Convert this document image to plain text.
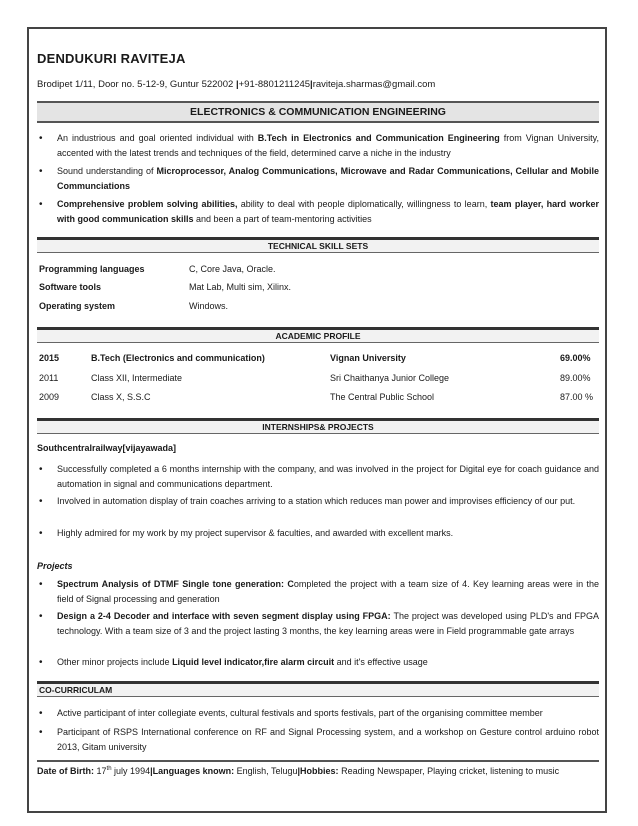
DENDUKURI RAVITEJA
Brodipet 1/11, Door no. 5-12-9, Guntur 522002 |+91-8801211245|raviteja.sharmas@gmail.com
ELECTRONICS & COMMUNICATION ENGINEERING
• An industrious and goal oriented individual with B.Tech in Electronics and Communication Engineering from Vignan University, accented with the latest trends and techniques of the field, determined carve a niche in the industry
• Sound understanding of Microprocessor, Analog Communications, Microwave and Radar Communications, Cellular and Mobile Communciations
• Comprehensive problem solving abilities, ability to deal with people diplomatically, willingness to learn, team player, hard worker with good communication skills and been a part of team-mentoring activities
TECHNICAL SKILL SETS
Programming languages	C, Core Java, Oracle.
Software tools	Mat Lab, Multi sim, Xilinx.
Operating system	Windows.
ACADEMIC PROFILE
2015	B.Tech (Electronics and communication)	Vignan University	69.00%
2011	Class XII, Intermediate	Sri Chaithanya Junior College	89.00%
2009	Class X, S.S.C	The Central Public School	87.00 %
INTERNSHIPS& PROJECTS
Southcentralrailway[vijayawada]
• Successfully completed a 6 months internship with the company, and was involved in the project for Digital eye for coach guidance and automation in signal and communications department.
• Involved in automation display of train coaches arriving to a station which reduces man power and improvises efficiency of our put.
• Highly admired for my work by my project supervisor & faculties, and awarded with excellent marks.
Projects
• Spectrum Analysis of DTMF Single tone generation: Completed the project with a team size of 4. Key learning areas were in the field of Signal processing and generation
• Design a 2-4 Decoder and interface with seven segment display using FPGA: The project was developed using PLD's and FPGA technology. With a team size of 3 and the project lasting 3 months, the key learning areas were in Field programmable gate arrays
• Other minor projects include Liquid level indicator,fire alarm circuit and it's effective usage
CO-CURRICULAM
• Active participant of inter collegiate events, cultural festivals and sports festivals, part of the organising committee member
• Participant of RSPS International conference on RF and Signal Processing system, and a workshop on Gesture control arduino robot 2013, Gitam university
Date of Birth: 17th july 1994|Languages known: English, Telugu|Hobbies: Reading Newspaper, Playing cricket, listening to music
